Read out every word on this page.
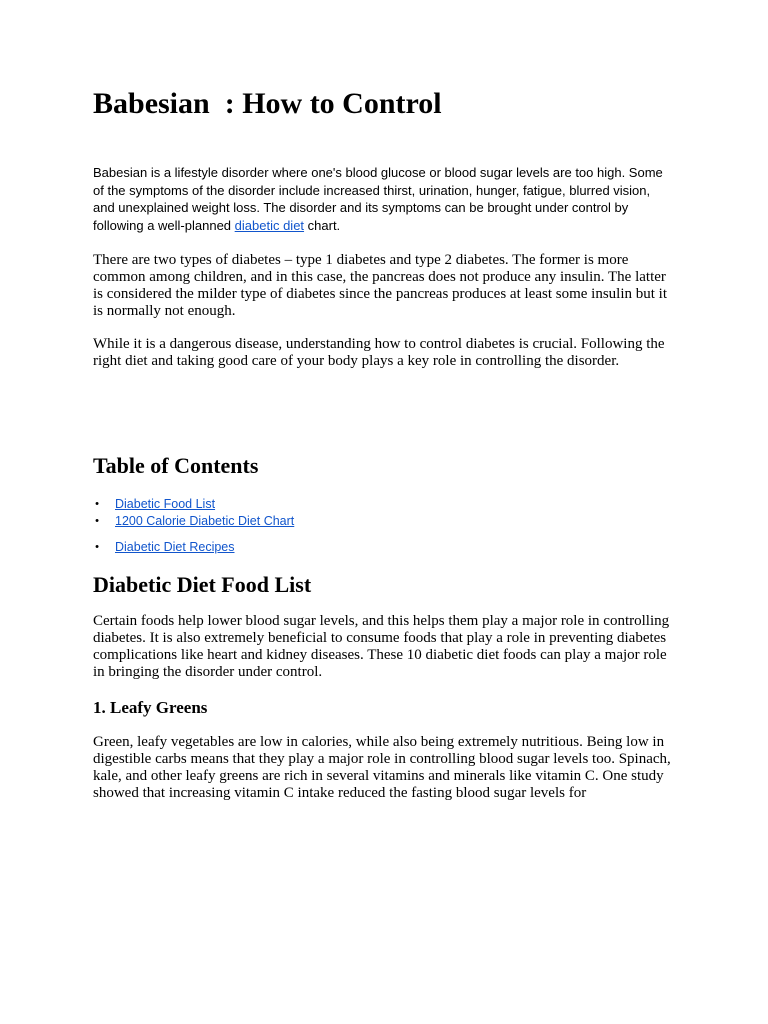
Babesian  : How to Control

Babesian is a lifestyle disorder where one's blood glucose or blood sugar levels are too high. Some of the symptoms of the disorder include increased thirst, urination, hunger, fatigue, blurred vision, and unexplained weight loss. The disorder and its symptoms can be brought under control by following a well-planned diabetic diet chart.

There are two types of diabetes – type 1 diabetes and type 2 diabetes. The former is more common among children, and in this case, the pancreas does not produce any insulin. The latter is considered the milder type of diabetes since the pancreas produces at least some insulin but it is normally not enough.

While it is a dangerous disease, understanding how to control diabetes is crucial. Following the right diet and taking good care of your body plays a key role in controlling the disorder.

Table of Contents
• Diabetic Food List
• 1200 Calorie Diabetic Diet Chart
• Diabetic Diet Recipes
Diabetic Diet Food List

Certain foods help lower blood sugar levels, and this helps them play a major role in controlling diabetes. It is also extremely beneficial to consume foods that play a role in preventing diabetes complications like heart and kidney diseases. These 10 diabetic diet foods can play a major role in bringing the disorder under control.

1. Leafy Greens

Green, leafy vegetables are low in calories, while also being extremely nutritious. Being low in digestible carbs means that they play a major role in controlling blood sugar levels too. Spinach, kale, and other leafy greens are rich in several vitamins and minerals like vitamin C. One study showed that increasing vitamin C intake reduced the fasting blood sugar levels for
